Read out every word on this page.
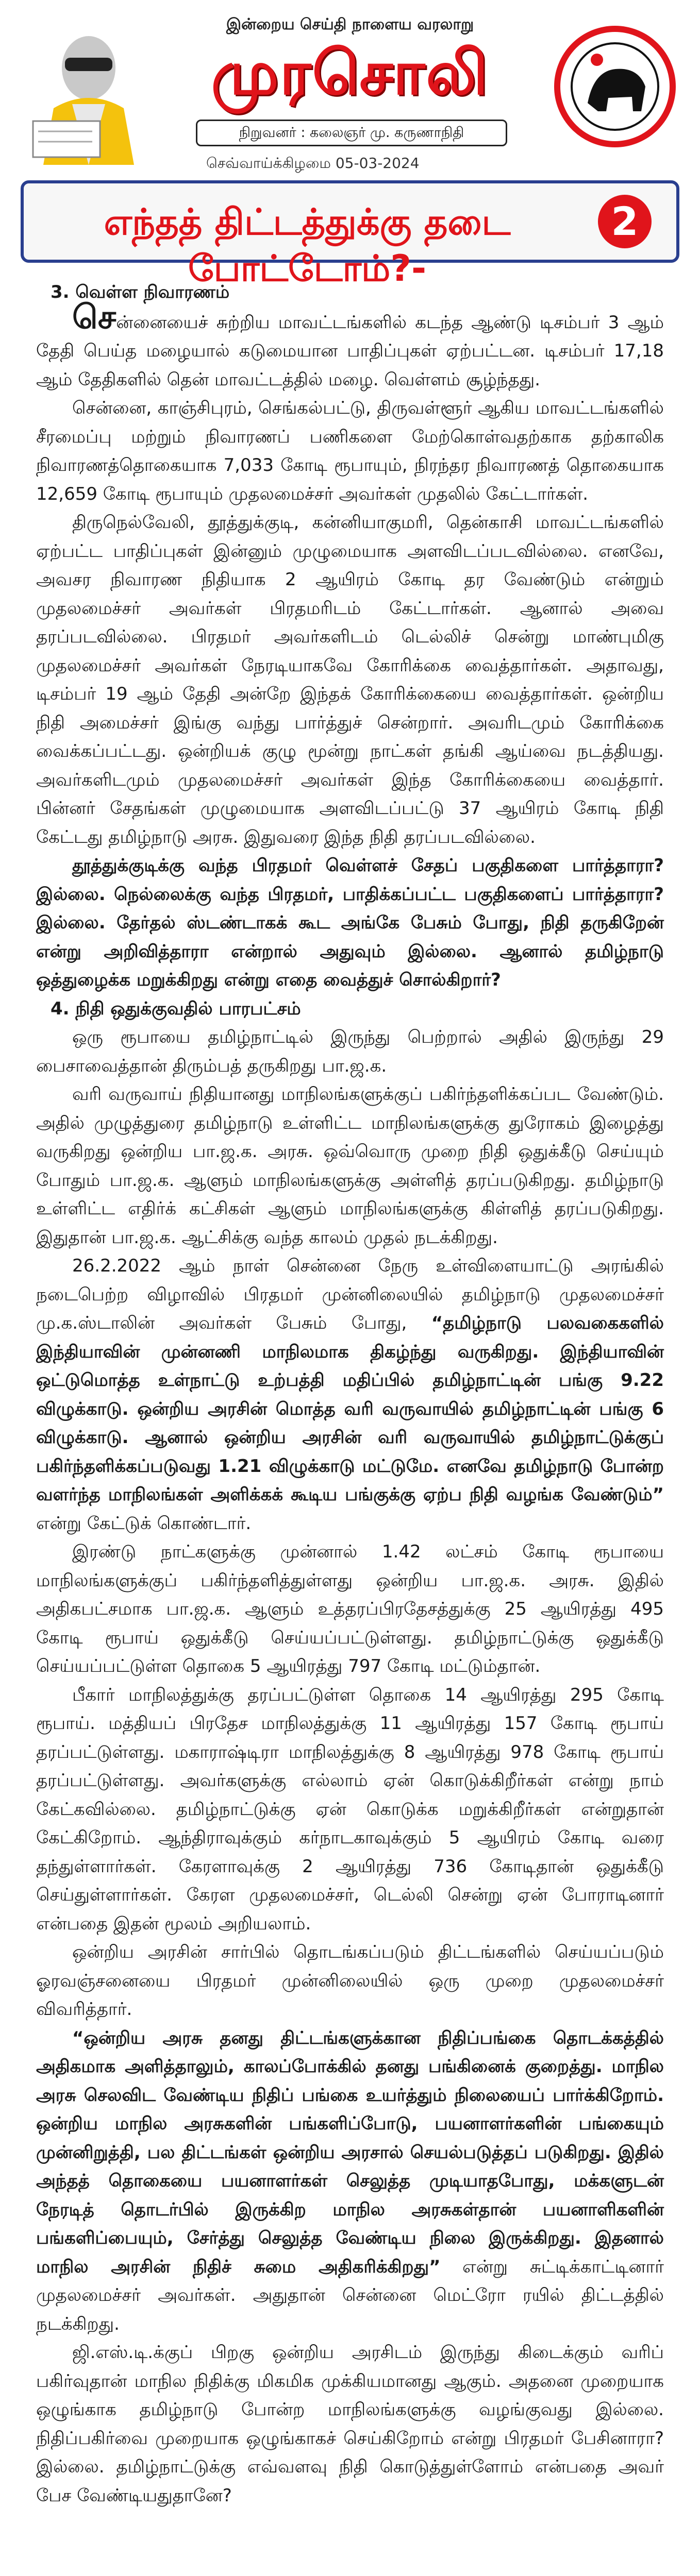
இன்றைய செய்தி நாளைய வரலாறு
முரசொலி
நிறுவனர் : கலைஞர் மு. கருணாநிதி
செவ்வாய்க்கிழமை 05-03-2024
எந்தத் திட்டத்துக்கு தடை போட்டோம்?-
2

3. வெள்ள நிவாரணம்

சென்னையைச் சுற்றிய மாவட்டங்களில் கடந்த ஆண்டு டிசம்பர் 3 ஆம் தேதி பெய்த மழையால் கடுமையான பாதிப்புகள் ஏற்பட்டன. டிசம்பர் 17,18 ஆம் தேதிகளில் தென் மாவட்டத்தில் மழை. வெள்ளம் சூழ்ந்தது.

சென்னை, காஞ்சிபுரம், செங்கல்பட்டு, திருவள்ளூர் ஆகிய மாவட்டங்களில் சீரமைப்பு மற்றும் நிவாரணப் பணிகளை மேற்கொள்வதற்காக தற்காலிக நிவாரணத்தொகையாக 7,033 கோடி ரூபாயும், நிரந்தர நிவாரணத் தொகையாக 12,659 கோடி ரூபாயும் முதலமைச்சர் அவர்கள் முதலில் கேட்டார்கள்.

திருநெல்வேலி, தூத்துக்குடி, கன்னியாகுமரி, தென்காசி மாவட்டங்களில் ஏற்பட்ட பாதிப்புகள் இன்னும் முழுமையாக அளவிடப்படவில்லை. எனவே, அவசர நிவாரண நிதியாக 2 ஆயிரம் கோடி தர வேண்டும் என்றும் முதலமைச்சர் அவர்கள் பிரதமரிடம் கேட்டார்கள். ஆனால் அவை தரப்படவில்லை. பிரதமர் அவர்களிடம் டெல்லிச் சென்று மாண்புமிகு முதலமைச்சர் அவர்கள் நேரடியாகவே கோரிக்கை வைத்தார்கள். அதாவது, டிசம்பர் 19 ஆம் தேதி அன்றே இந்தக் கோரிக்கையை வைத்தார்கள். ஒன்றிய நிதி அமைச்சர் இங்கு வந்து பார்த்துச் சென்றார். அவரிடமும் கோரிக்கை வைக்கப்பட்டது. ஒன்றியக் குழு மூன்று நாட்கள் தங்கி ஆய்வை நடத்தியது. அவர்களிடமும் முதலமைச்சர் அவர்கள் இந்த கோரிக்கையை வைத்தார். பின்னர் சேதங்கள் முழுமையாக அளவிடப்பட்டு 37 ஆயிரம் கோடி நிதி கேட்டது தமிழ்நாடு அரசு. இதுவரை இந்த நிதி தரப்படவில்லை.

தூத்துக்குடிக்கு வந்த பிரதமர் வெள்ளச் சேதப் பகுதிகளை பார்த்தாரா? இல்லை. நெல்லைக்கு வந்த பிரதமர், பாதிக்கப்பட்ட பகுதிகளைப் பார்த்தாரா? இல்லை. தேர்தல் ஸ்டண்டாகக் கூட அங்கே பேசும் போது, நிதி தருகிறேன் என்று அறிவித்தாரா என்றால் அதுவும் இல்லை. ஆனால் தமிழ்நாடு ஒத்துழைக்க மறுக்கிறது என்று எதை வைத்துச் சொல்கிறார்?

4. நிதி ஒதுக்குவதில் பாரபட்சம்

ஒரு ரூபாயை தமிழ்நாட்டில் இருந்து பெற்றால் அதில் இருந்து 29 பைசாவைத்தான் திரும்பத் தருகிறது பா.ஜ.க.

வரி வருவாய் நிதியானது மாநிலங்களுக்குப் பகிர்ந்தளிக்கப்பட வேண்டும். அதில் முழுத்துரை தமிழ்நாடு உள்ளிட்ட மாநிலங்களுக்கு துரோகம் இழைத்து வருகிறது ஒன்றிய பா.ஜ.க. அரசு. ஒவ்வொரு முறை நிதி ஒதுக்கீடு செய்யும் போதும் பா.ஜ.க. ஆளும் மாநிலங்களுக்கு அள்ளித் தரப்படுகிறது. தமிழ்நாடு உள்ளிட்ட எதிர்க் கட்சிகள் ஆளும் மாநிலங்களுக்கு கிள்ளித் தரப்படுகிறது. இதுதான் பா.ஜ.க. ஆட்சிக்கு வந்த காலம் முதல் நடக்கிறது.

26.2.2022 ஆம் நாள் சென்னை நேரு உள்விளையாட்டு அரங்கில் நடைபெற்ற விழாவில் பிரதமர் முன்னிலையில் தமிழ்நாடு முதலமைச்சர் மு.க.ஸ்டாலின் அவர்கள் பேசும் போது, “தமிழ்நாடு பலவகைகளில் இந்தியாவின் முன்னணி மாநிலமாக திகழ்ந்து வருகிறது. இந்தியாவின் ஒட்டுமொத்த உள்நாட்டு உற்பத்தி மதிப்பில் தமிழ்நாட்டின் பங்கு 9.22 விழுக்காடு. ஒன்றிய அரசின் மொத்த வரி வருவாயில் தமிழ்நாட்டின் பங்கு 6 விழுக்காடு. ஆனால் ஒன்றிய அரசின் வரி வருவாயில் தமிழ்நாட்டுக்குப் பகிர்ந்தளிக்கப்படுவது 1.21 விழுக்காடு மட்டுமே. எனவே தமிழ்நாடு போன்ற வளர்ந்த மாநிலங்கள் அளிக்கக் கூடிய பங்குக்கு ஏற்ப நிதி வழங்க வேண்டும்” என்று கேட்டுக் கொண்டார்.

இரண்டு நாட்களுக்கு முன்னால் 1.42 லட்சம் கோடி ரூபாயை மாநிலங்களுக்குப் பகிர்ந்தளித்துள்ளது ஒன்றிய பா.ஜ.க. அரசு. இதில் அதிகபட்சமாக பா.ஜ.க. ஆளும் உத்தரப்பிரதேசத்துக்கு 25 ஆயிரத்து 495 கோடி ரூபாய் ஒதுக்கீடு செய்யப்பட்டுள்ளது. தமிழ்நாட்டுக்கு ஒதுக்கீடு செய்யப்பட்டுள்ள தொகை 5 ஆயிரத்து 797 கோடி மட்டும்தான்.

பீகார் மாநிலத்துக்கு தரப்பட்டுள்ள தொகை 14 ஆயிரத்து 295 கோடி ரூபாய். மத்தியப் பிரதேச மாநிலத்துக்கு 11 ஆயிரத்து 157 கோடி ரூபாய் தரப்பட்டுள்ளது. மகாராஷ்டிரா மாநிலத்துக்கு 8 ஆயிரத்து 978 கோடி ரூபாய் தரப்பட்டுள்ளது. அவர்களுக்கு எல்லாம் ஏன் கொடுக்கிறீர்கள் என்று நாம் கேட்கவில்லை. தமிழ்நாட்டுக்கு ஏன் கொடுக்க மறுக்கிறீர்கள் என்றுதான் கேட்கிறோம். ஆந்திராவுக்கும் கர்நாடகாவுக்கும் 5 ஆயிரம் கோடி வரை தந்துள்ளார்கள். கேரளாவுக்கு 2 ஆயிரத்து 736 கோடிதான் ஒதுக்கீடு செய்துள்ளார்கள். கேரள முதலமைச்சர், டெல்லி சென்று ஏன் போராடினார் என்பதை இதன் மூலம் அறியலாம்.

ஒன்றிய அரசின் சார்பில் தொடங்கப்படும் திட்டங்களில் செய்யப்படும் ஓரவஞ்சனையை பிரதமர் முன்னிலையில் ஒரு முறை முதலமைச்சர் விவரித்தார்.

“ஒன்றிய அரசு தனது திட்டங்களுக்கான நிதிப்பங்கை தொடக்கத்தில் அதிகமாக அளித்தாலும், காலப்போக்கில் தனது பங்கினைக் குறைத்து. மாநில அரசு செலவிட வேண்டிய நிதிப் பங்கை உயர்த்தும் நிலையைப் பார்க்கிறோம். ஒன்றிய மாநில அரசுகளின் பங்களிப்போடு, பயனாளர்களின் பங்கையும் முன்னிறுத்தி, பல திட்டங்கள் ஒன்றிய அரசால் செயல்படுத்தப் படுகிறது. இதில் அந்தத் தொகையை பயனாளர்கள் செலுத்த முடியாதபோது, மக்களுடன் நேரடித் தொடர்பில் இருக்கிற மாநில அரசுகள்தான் பயனாளிகளின் பங்களிப்பையும், சேர்த்து செலுத்த வேண்டிய நிலை இருக்கிறது. இதனால் மாநில அரசின் நிதிச் சுமை அதிகரிக்கிறது” என்று சுட்டிக்காட்டினார் முதலமைச்சர் அவர்கள். அதுதான் சென்னை மெட்ரோ ரயில் திட்டத்தில் நடக்கிறது.

ஜி.எஸ்.டி.க்குப் பிறகு ஒன்றிய அரசிடம் இருந்து கிடைக்கும் வரிப் பகிர்வுதான் மாநில நிதிக்கு மிகமிக முக்கியமானது ஆகும். அதனை முறையாக ஒழுங்காக தமிழ்நாடு போன்ற மாநிலங்களுக்கு வழங்குவது இல்லை. நிதிப்பகிர்வை முறையாக ஒழுங்காகச் செய்கிறோம் என்று பிரதமர் பேசினாரா? இல்லை. தமிழ்நாட்டுக்கு எவ்வளவு நிதி கொடுத்துள்ளோம் என்பதை அவர் பேச வேண்டியதுதானே?
